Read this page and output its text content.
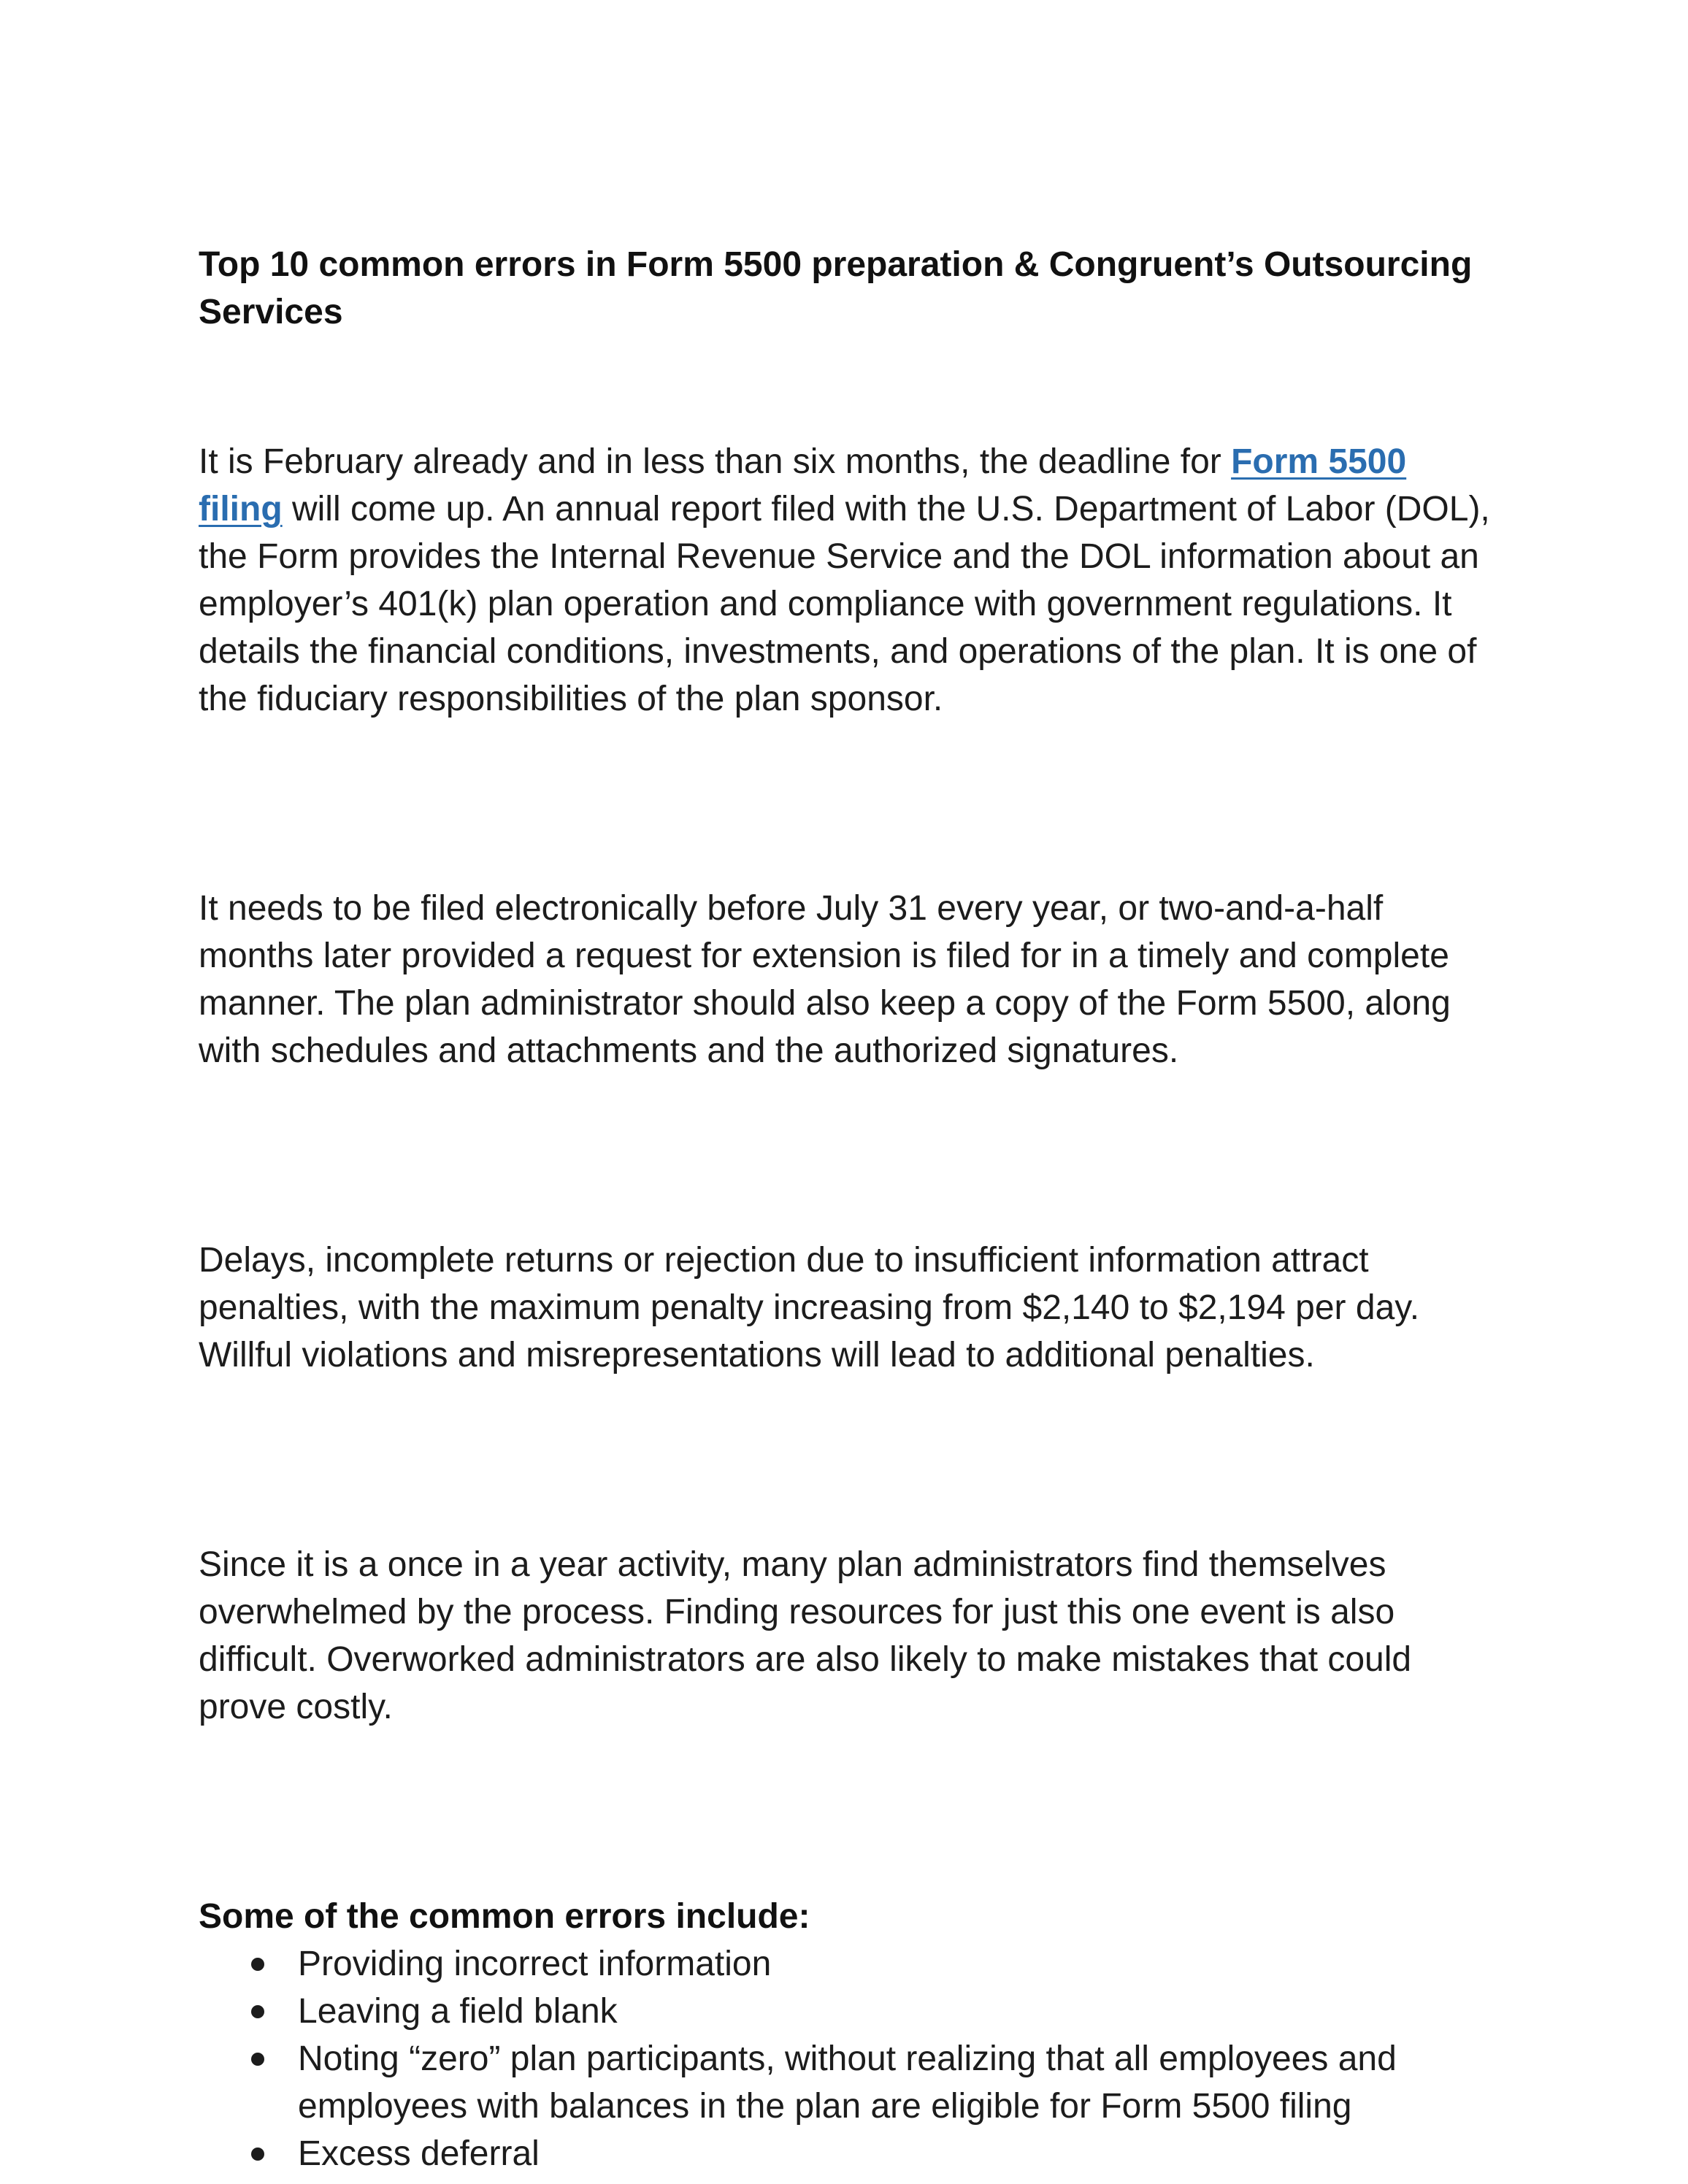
Top 10 common errors in Form 5500 preparation & Congruent’s Outsourcing Services

It is February already and in less than six months, the deadline for Form 5500 filing will come up. An annual report filed with the U.S. Department of Labor (DOL), the Form provides the Internal Revenue Service and the DOL information about an employer’s 401(k) plan operation and compliance with government regulations. It details the financial conditions, investments, and operations of the plan. It is one of the fiduciary responsibilities of the plan sponsor.

It needs to be filed electronically before July 31 every year, or two-and-a-half months later provided a request for extension is filed for in a timely and complete manner. The plan administrator should also keep a copy of the Form 5500, along with schedules and attachments and the authorized signatures.

Delays, incomplete returns or rejection due to insufficient information attract penalties, with the maximum penalty increasing from $2,140 to $2,194 per day. Willful violations and misrepresentations will lead to additional penalties.

Since it is a once in a year activity, many plan administrators find themselves overwhelmed by the process. Finding resources for just this one event is also difficult. Overworked administrators are also likely to make mistakes that could prove costly.

Some of the common errors include:
Providing incorrect information
Leaving a field blank
Noting “zero” plan participants, without realizing that all employees and employees with balances in the plan are eligible for Form 5500 filing
Excess deferral
